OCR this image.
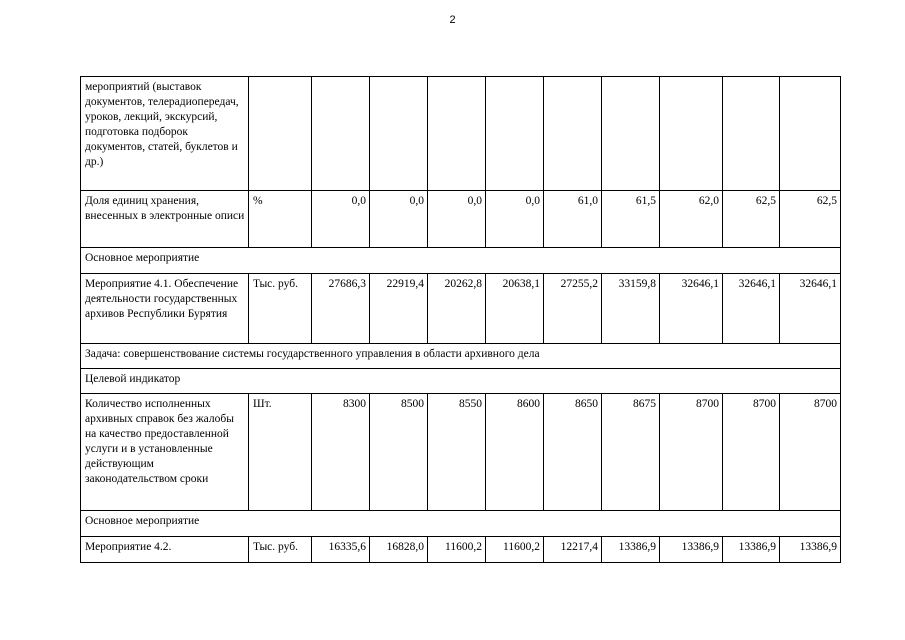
2
мероприятий (выставок документов, телерадиопередач, уроков, лекций, экскурсий, подготовка подборок документов, статей, буклетов и др.)										
Доля единиц хранения, внесенных в электронные описи	%	0,0	0,0	0,0	0,0	61,0	61,5	62,0	62,5	62,5
Основное мероприятие										
Мероприятие 4.1. Обеспечение деятельности государственных архивов Республики Бурятия	Тыс. руб.	27686,3	22919,4	20262,8	20638,1	27255,2	33159,8	32646,1	32646,1	32646,1
Задача: совершенствование системы государственного управления в области архивного дела										
Целевой индикатор										
Количество исполненных архивных справок без жалобы на качество предоставленной услуги и в установленные действующим законодательством сроки	Шт.	8300	8500	8550	8600	8650	8675	8700	8700	8700
Основное мероприятие										
Мероприятие 4.2.	Тыс. руб.	16335,6	16828,0	11600,2	11600,2	12217,4	13386,9	13386,9	13386,9	13386,9
